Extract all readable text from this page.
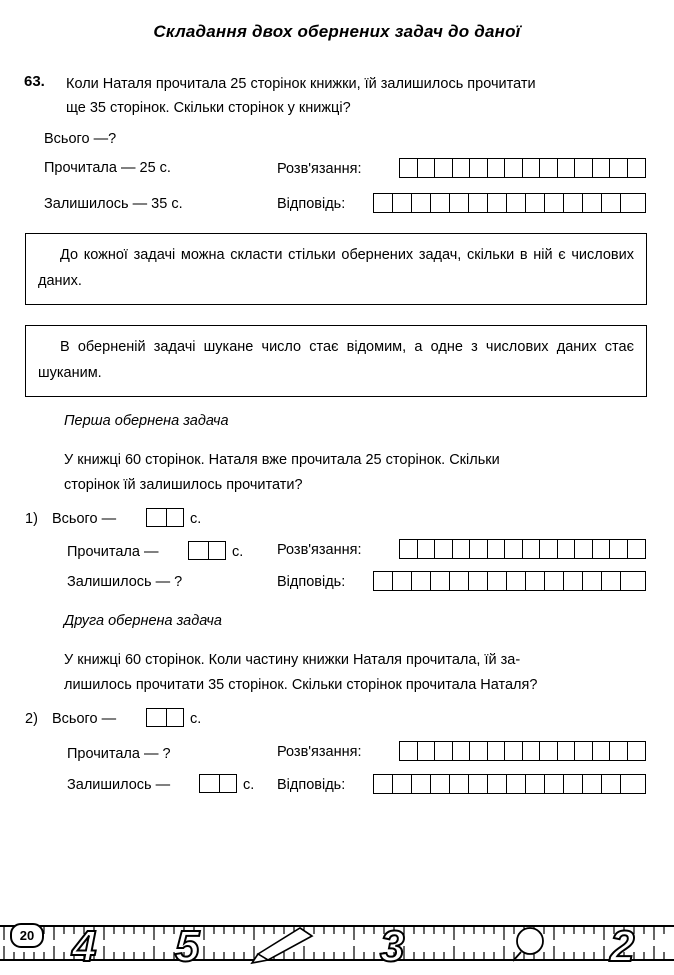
Складання двох обернених задач до даної
63. Коли Наталя прочитала 25 сторінок книжки, їй залишилось прочитати
ще 35 сторінок. Скільки сторінок у книжці?
Всього —?
Прочитала — 25 с.
Залишилось — 35 с.
Розв'язання:
Відповідь:
До кожної задачі можна скласти стільки обернених задач, скільки в ній є числових даних.
В оберненій задачі шукане число стає відомим, а одне з числових даних стає шуканим.
Перша обернена задача
У книжці 60 сторінок. Наталя вже прочитала 25 сторінок. Скільки
сторінок їй залишилось прочитати?
1) Всього —	с.
Прочитала —	с.
Залишилось — ?
Розв'язання:
Відповідь:
Друга обернена задача
У книжці 60 сторінок. Коли частину книжки Наталя прочитала, їй за-
лишилось прочитати 35 сторінок. Скільки сторінок прочитала Наталя?
2) Всього —	с.
Прочитала — ?
Залишилось —	с.
Розв'язання:
Відповідь:
4 5	3	2
20
